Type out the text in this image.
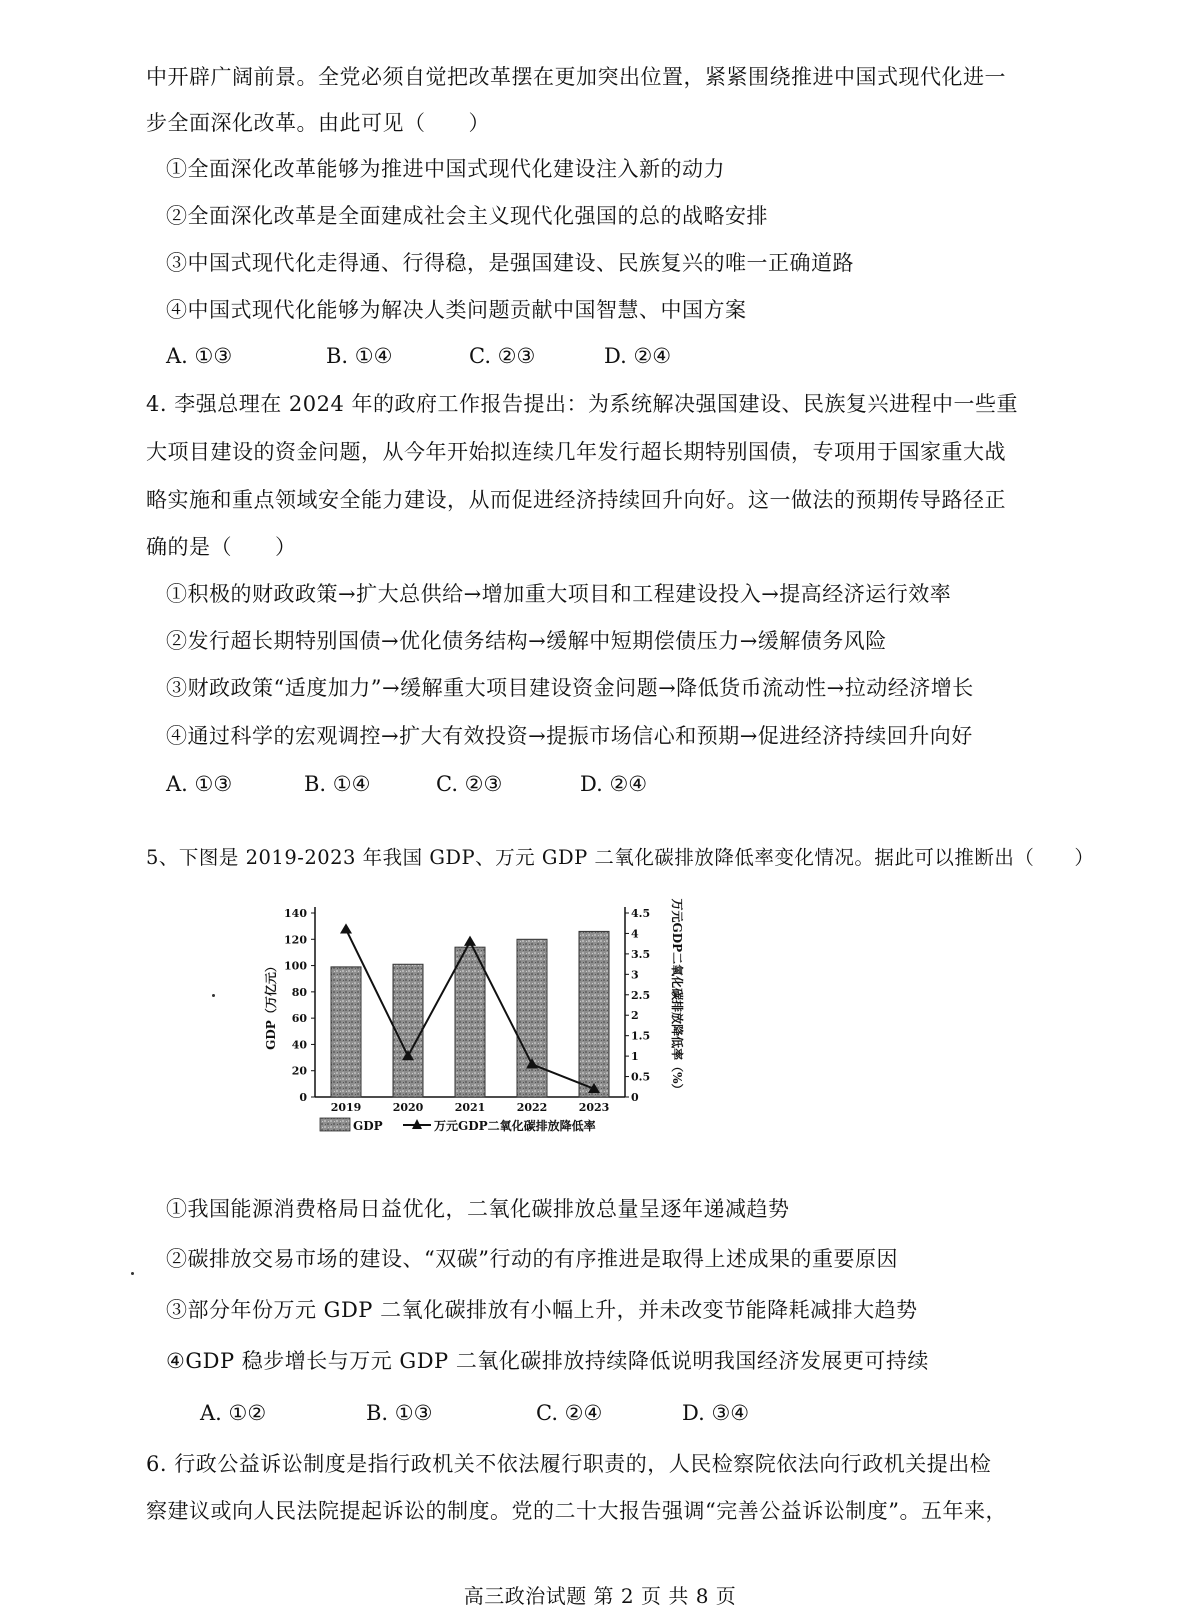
中开辟广阔前景。全党必须自觉把改革摆在更加突出位置，紧紧围绕推进中国式现代化进一
步全面深化改革。由此可见（　　）
①全面深化改革能够为推进中国式现代化建设注入新的动力
②全面深化改革是全面建成社会主义现代化强国的总的战略安排
③中国式现代化走得通、行得稳，是强国建设、民族复兴的唯一正确道路
④中国式现代化能够为解决人类问题贡献中国智慧、中国方案
A. ①③	B. ①④	C. ②③	D. ②④
4. 李强总理在 2024 年的政府工作报告提出：为系统解决强国建设、民族复兴进程中一些重
大项目建设的资金问题，从今年开始拟连续几年发行超长期特别国债，专项用于国家重大战
略实施和重点领域安全能力建设，从而促进经济持续回升向好。这一做法的预期传导路径正
确的是（　　）
①积极的财政政策→扩大总供给→增加重大项目和工程建设投入→提高经济运行效率
②发行超长期特别国债→优化债务结构→缓解中短期偿债压力→缓解债务风险
③财政政策“适度加力”→缓解重大项目建设资金问题→降低货币流动性→拉动经济增长
④通过科学的宏观调控→扩大有效投资→提振市场信心和预期→促进经济持续回升向好
A. ①③	B. ①④	C. ②③	D. ②④
5、下图是 2019-2023 年我国 GDP、万元 GDP 二氧化碳排放降低率变化情况。据此可以推断出（　　）
0
20
40
60
80
100
120
140
0
0.5
1
1.5
2
2.5
3
3.5
4
4.5
2019	2020	2021	2022	2023
GDP（万亿元）	万元GDP二氧化碳排放降低率（%）
GDP	万元GDP二氧化碳排放降低率
①我国能源消费格局日益优化，二氧化碳排放总量呈逐年递减趋势
②碳排放交易市场的建设、“双碳”行动的有序推进是取得上述成果的重要原因
③部分年份万元 GDP 二氧化碳排放有小幅上升，并未改变节能降耗减排大趋势
④GDP 稳步增长与万元 GDP 二氧化碳排放持续降低说明我国经济发展更可持续
A. ①②	B. ①③	C. ②④	D. ③④
6. 行政公益诉讼制度是指行政机关不依法履行职责的，人民检察院依法向行政机关提出检
察建议或向人民法院提起诉讼的制度。党的二十大报告强调“完善公益诉讼制度”。五年来，
高三政治试题 第 2 页 共 8 页
